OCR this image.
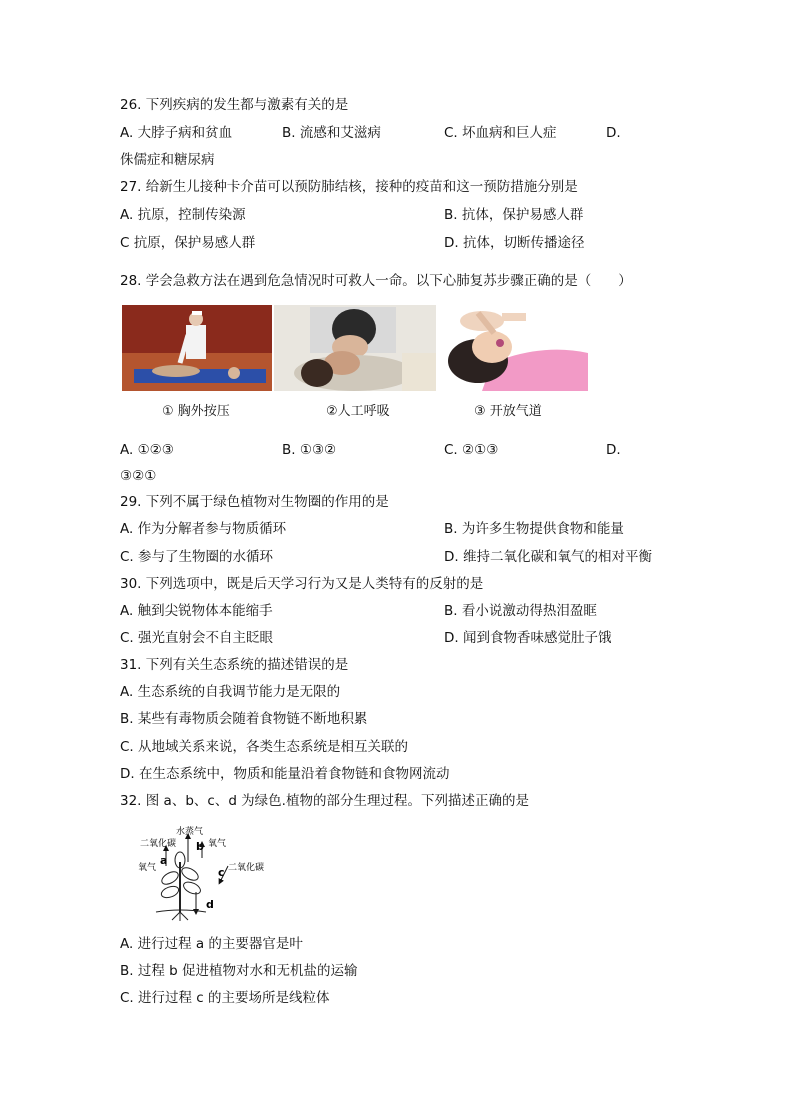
26. 下列疾病的发生都与激素有关的是
A. 大脖子病和贫血	B. 流感和艾滋病	C. 坏血病和巨人症	D.
侏儒症和糖尿病
27. 给新生儿接种卡介苗可以预防肺结核，接种的疫苗和这一预防措施分别是
A. 抗原，控制传染源	B. 抗体，保护易感人群
C 抗原，保护易感人群	D. 抗体，切断传播途径
28. 学会急救方法在遇到危急情况时可救人一命。以下心肺复苏步骤正确的是（　　）
① 胸外按压	②人工呼吸	③ 开放气道
A. ①②③	B. ①③②	C. ②①③	D.
③②①
29. 下列不属于绿色植物对生物圈的作用的是
A. 作为分解者参与物质循环	B. 为许多生物提供食物和能量
C. 参与了生物圈的水循环	D. 维持二氧化碳和氧气的相对平衡
30. 下列选项中，既是后天学习行为又是人类特有的反射的是
A. 触到尖锐物体本能缩手	B. 看小说激动得热泪盈眶
C. 强光直射会不自主眨眼	D. 闻到食物香味感觉肚子饿
31. 下列有关生态系统的描述错误的是
A. 生态系统的自我调节能力是无限的
B. 某些有毒物质会随着食物链不断地积累
C. 从地域关系来说，各类生态系统是相互关联的
D. 在生态系统中，物质和能量沿着食物链和食物网流动
32. 图 a、b、c、d 为绿色.植物的部分生理过程。下列描述正确的是
水蒸气
二氧化碳
氧气
氧气
二氧化碳
a
b
c
d
A. 进行过程 a 的主要器官是叶
B. 过程 b 促进植物对水和无机盐的运输
C. 进行过程 c 的主要场所是线粒体
